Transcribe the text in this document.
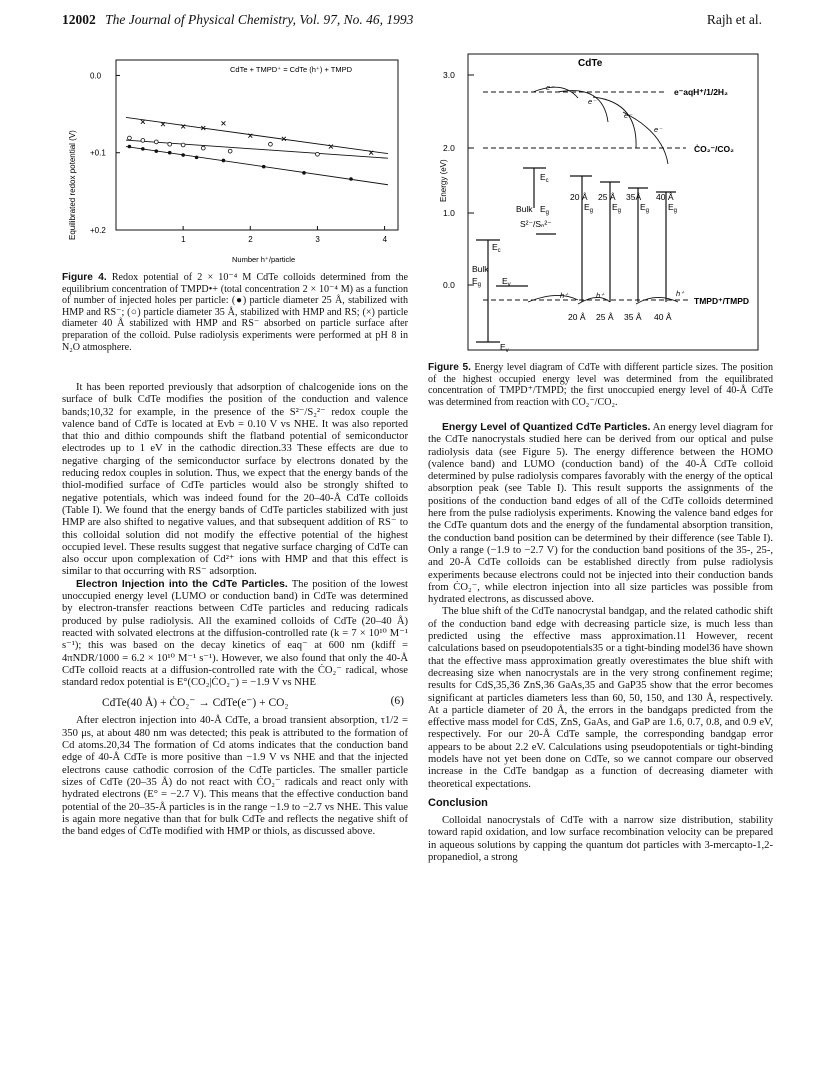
12002 The Journal of Physical Chemistry, Vol. 97, No. 46, 1993	Rajh et al.
Equilibrated redox potential (V)
CdTe + TMPD⁺ = CdTe (h⁺) + TMPD
0.0
+0.1
+0.2
1	2	3	4
Number h⁺/particle

Figure 4. Redox potential of 2 × 10⁻⁴ M CdTe colloids determined from the equilibrium concentration of TMPD•+ (total concentration 2 × 10⁻⁴ M) as a function of number of injected holes per particle: (●) particle diameter 25 Å, stabilized with HMP and RS⁻; (○) particle diameter 35 Å, stabilized with HMP and RS; (×) particle diameter 40 Å stabilized with HMP and RS⁻ absorbed on particle surface after preparation of the colloid. Pulse radiolysis experiments were performed at pH 8 in N₂O atmosphere.

It has been reported previously that adsorption of chalcogenide ions on the surface of bulk CdTe modifies the position of the conduction and valence bands;10,32 for example, in the presence of the S²⁻/S₂²⁻ redox couple the valence band of CdTe is located at Evb = 0.10 V vs NHE. It was also reported that thio and dithio compounds shift the flatband potential of semiconductor electrodes up to 1 eV in the cathodic direction.33 These effects are due to negative charging of the semiconductor surface by electrons donated by the reducing redox couples in solution. Thus, we expect that the energy bands of the thiol-modified surface of CdTe particles would also be strongly shifted to negative potentials, which was indeed found for the 20–40-Å CdTe colloids (Table I). We found that the energy bands of CdTe particles stabilized with just HMP are also shifted to negative values, and that subsequent addition of RS⁻ to this colloidal solution did not modify the effective potential of the highest occupied level. These results suggest that negative surface charging of CdTe can also occur upon complexation of Cd²⁺ ions with HMP and that this effect is similar to that occurring with RS⁻ adsorption.

Electron Injection into the CdTe Particles. The position of the lowest unoccupied energy level (LUMO or conduction band) in CdTe was determined by electron-transfer reactions between CdTe particles and reducing radicals produced by pulse radiolysis. All the examined colloids of CdTe (20–40 Å) reacted with solvated electrons at the diffusion-controlled rate (k = 7 × 10¹⁰ M⁻¹ s⁻¹); this was based on the decay kinetics of eaq⁻ at 600 nm (kdiff = 4πNDR/1000 = 6.2 × 10¹⁰ M⁻¹ s⁻¹). However, we also found that only the 40-Å CdTe colloid reacts at a diffusion-controlled rate with the ĊO₂⁻ radical, whose standard redox potential is E°(CO₂|ĊO₂⁻) = −1.9 V vs NHE

CdTe(40 Å) + ĊO₂⁻ → CdTe(e⁻) + CO₂	(6)

After electron injection into 40-Å CdTe, a broad transient absorption, τ1/2 = 350 μs, at about 480 nm was detected; this peak is attributed to the formation of Cd atoms.20,34 The formation of Cd atoms indicates that the conduction band edge of 40-Å CdTe is more positive than −1.9 V vs NHE and that the injected electrons cause cathodic corrosion of the CdTe particles. The smaller particle sizes of CdTe (20–35 Å) do not react with ĊO₂⁻ radicals and react only with hydrated electrons (E° = −2.7 V). This means that the effective conduction band potential of the 20–35-Å particles is in the range −1.9 to −2.7 vs NHE. This value is again more negative than that for bulk CdTe and reflects the negative shift of the band edges of CdTe modified with HMP or thiols, as discussed above.

CdTe
Energy (eV)
3.0
2.0
1.0
0.0
e⁻aqH⁺/1/2H₂
ĊO₂⁻/CO₂
TMPD⁺/TMPD
e⁻
e⁻
e⁻
e⁻
$E_c$
Bulk $E_g$
S²⁻/Sₙ²⁻
$E_c$
Bulk
$E_g$ $E_v$
$E_v$
20 Å 25 Å 35Å 40 Å
$E_g$ $E_g$ $E_g$ $E_g$
20 Å 25 Å 35 Å 40 Å
h⁺	h⁺	h⁺

Figure 5. Energy level diagram of CdTe with different particle sizes. The position of the highest occupied energy level was determined from the equilibrated concentration of TMPD⁺/TMPD; the first unoccupied energy level of 40-Å CdTe was determined from reaction with CO₂⁻/CO₂.

Energy Level of Quantized CdTe Particles. An energy level diagram for the CdTe nanocrystals studied here can be derived from our optical and pulse radiolysis data (see Figure 5). The energy difference between the HOMO (valence band) and LUMO (conduction band) of the 40-Å CdTe colloid determined by pulse radiolysis compares favorably with the energy of the optical absorption peak (see Table I). This result supports the assignments of the positions of the conduction band edges of all of the CdTe colloids determined here from the pulse radiolysis experiments. Knowing the valence band edges for the CdTe quantum dots and the energy of the fundamental absorption transition, the conduction band position can be determined by their difference (see Table I). Only a range (−1.9 to −2.7 V) for the conduction band positions of the 35-, 25-, and 20-Å CdTe colloids can be established directly from pulse radiolysis experiments because electrons could not be injected into their conduction bands from ĊO₂⁻, while electron injection into all size particles was possible from hydrated electrons, as discussed above.

The blue shift of the CdTe nanocrystal bandgap, and the related cathodic shift of the conduction band edge with decreasing particle size, is much less than predicted using the effective mass approximation.11 However, recent calculations based on pseudopotentials35 or a tight-binding model36 have shown that the effective mass approximation greatly overestimates the blue shift with decreasing size when nanocrystals are in the very strong confinement regime; results for CdS,35,36 ZnS,36 GaAs,35 and GaP35 show that the error becomes significant at particles diameters less than 60, 50, 150, and 130 Å, respectively. At a particle diameter of 20 Å, the errors in the bandgaps predicted from the effective mass model for CdS, ZnS, GaAs, and GaP are 1.6, 0.7, 0.8, and 0.9 eV, respectively. For our 20-Å CdTe sample, the corresponding bandgap error appears to be about 2.2 eV. Calculations using pseudopotentials or tight-binding models have not yet been done on CdTe, so we cannot compare our observed increase in the CdTe bandgap as a function of decreasing diameter with theoretical expectations.

Conclusion

Colloidal nanocrystals of CdTe with a narrow size distribution, stability toward rapid oxidation, and low surface recombination velocity can be prepared in aqueous solutions by capping the quantum dot particles with 3-mercapto-1,2-propanediol, a strong
